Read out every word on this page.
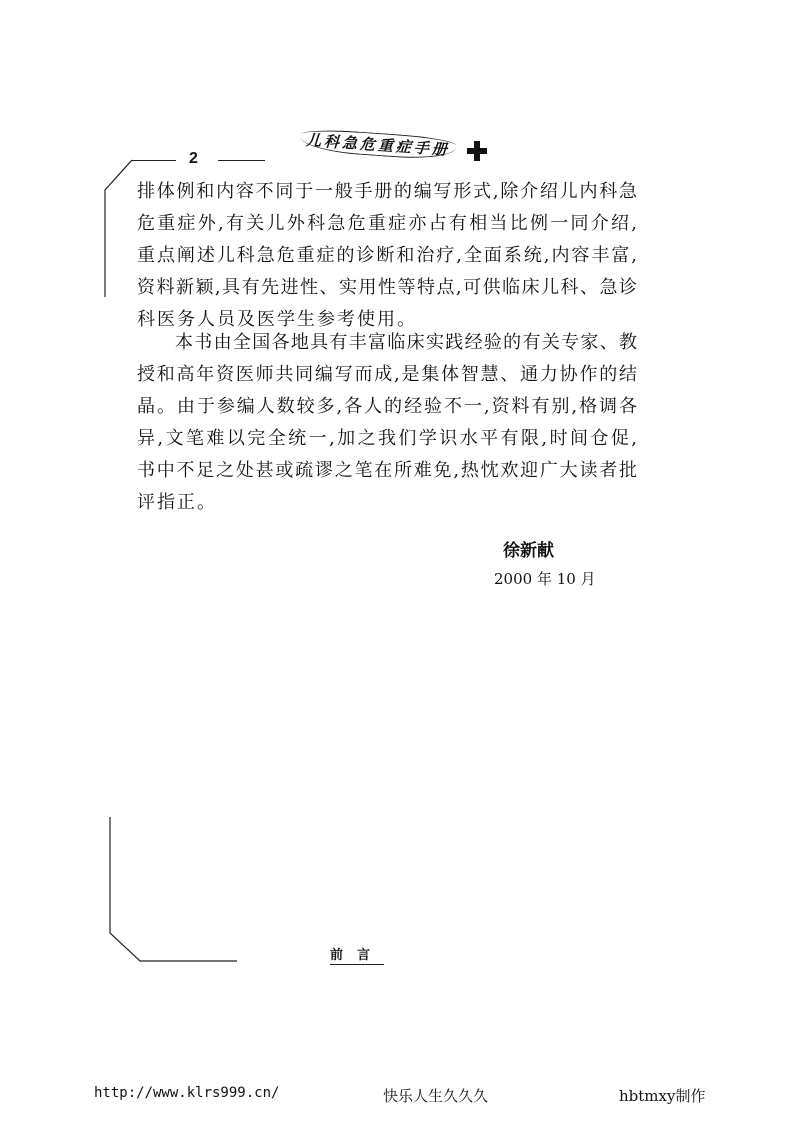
儿科急危重症手册
2
排体例和内容不同于一般手册的编写形式,除介绍儿内科急
危重症外,有关儿外科急危重症亦占有相当比例一同介绍,
重点阐述儿科急危重症的诊断和治疗,全面系统,内容丰富,
资料新颖,具有先进性、实用性等特点,可供临床儿科、急诊
科医务人员及医学生参考使用。
本书由全国各地具有丰富临床实践经验的有关专家、教
授和高年资医师共同编写而成,是集体智慧、通力协作的结
晶。由于参编人数较多,各人的经验不一,资料有别,格调各
异,文笔难以完全统一,加之我们学识水平有限,时间仓促,
书中不足之处甚或疏谬之笔在所难免,热忱欢迎广大读者批
评指正。
徐新献
2000 年 10 月
前言
http://www.klrs999.cn/	快乐人生久久久	hbtmxy制作
